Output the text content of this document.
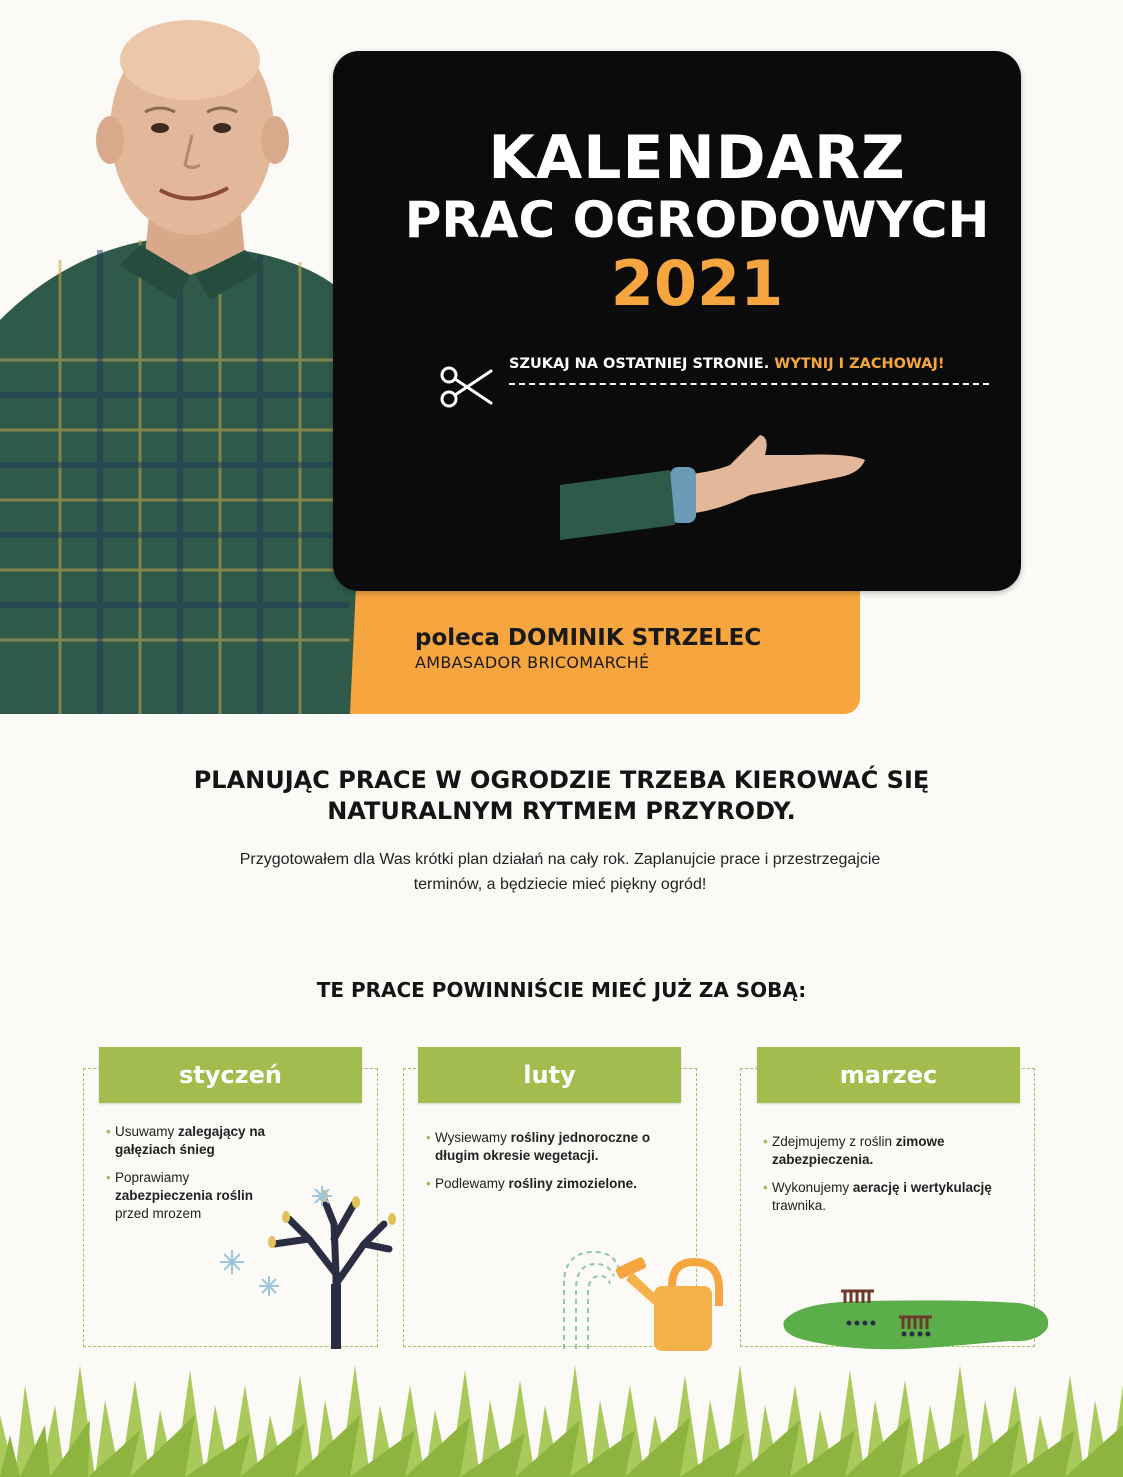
KALENDARZ
PRAC OGRODOWYCH
2021
SZUKAJ NA OSTATNIEJ STRONIE. WYTNIJ I ZACHOWAJ!
poleca DOMINIK STRZELEC
AMBASADOR BRICOMARCHÉ
PLANUJĄC PRACE W OGRODZIE TRZEBA KIEROWAĆ SIĘ
NATURALNYM RYTMEM PRZYRODY.
Przygotowałem dla Was krótki plan działań na cały rok. Zaplanujcie prace i przestrzegajcie
terminów, a będziecie mieć piękny ogród!
TE PRACE POWINNIŚCIE MIEĆ JUŻ ZA SOBĄ:
styczeń
• Usuwamy zalegający na gałęziach śnieg
• Poprawiamy zabezpieczenia roślin przed mrozem
luty
• Wysiewamy rośliny jednoroczne o długim okresie wegetacji.
• Podlewamy rośliny zimozielone.
marzec
• Zdejmujemy z roślin zimowe zabezpieczenia.
• Wykonujemy aerację i wertykulację trawnika.
